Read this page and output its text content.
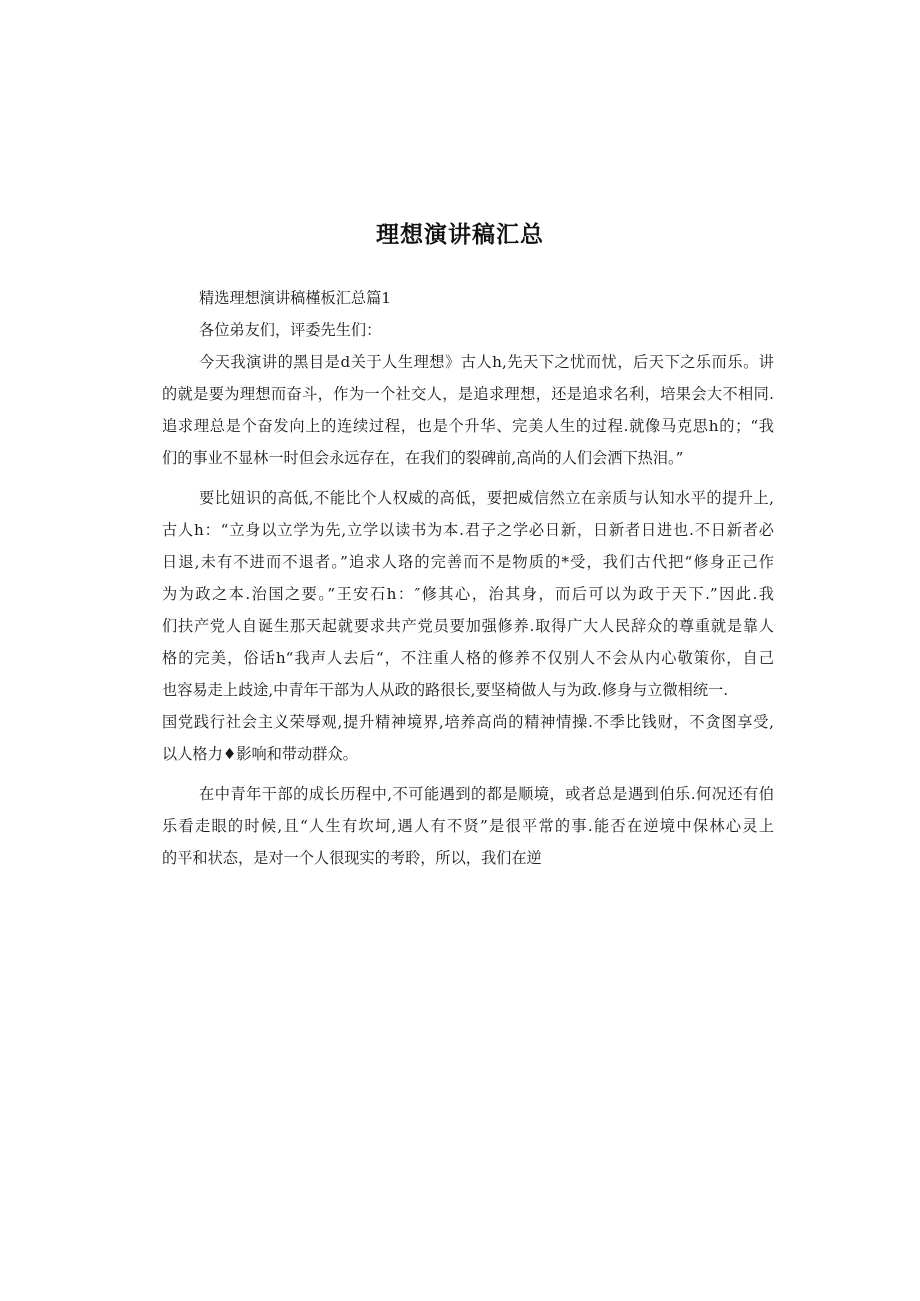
理想演讲稿汇总
精选理想演讲稿槿板汇总篇1
各位弟友们，评委先生们：
今天我演讲的黑目是d关于人生理想》古人h,先天下之忧而忧，后天下之乐而乐。讲
的就是要为理想而奋斗，作为一个社交人，是追求理想，还是追求名利，培果会大不相同.
追求理总是个奋发向上的连续过程，也是个升华、完美人生的过程.就像马克思h的；“我
们的事业不显林一时但会永远存在，在我们的裂碑前,高尚的人们会洒下热泪。”
要比妞识的高低,不能比个人权威的高低，要把威信然立在亲质与认知水平的提升上,
古人h：“立身以立学为先,立学以读书为本.君子之学必日新，日新者日进也.不日新者必
日退,未有不进而不退者。”追求人珞的完善而不是物质的*受，我们古代把“修身正己作
为为政之本.治国之要。”王安石h：″修其心，治其身，而后可以为政于天下.”因此.我
们扶产党人自诞生那天起就要求共产党员要加强修养.取得广大人民辞众的尊重就是靠人
格的完美，俗话h“我声人去后“，不注重人格的修养不仅别人不会从内心敬策你，自己
也容易走上歧途,中青年干部为人从政的路很长,要坚椅做人与为政.修身与立微相统一.
国党践行社会主义荣辱观,提升精神境界,培养高尚的精神情操.不季比钱财，不贪图享受,
以人格力♦影响和带动群众。
在中青年干部的成长历程中,不可能遇到的都是顺境，或者总是遇到伯乐.何况还有伯
乐看走眼的时候,且“人生有坎坷,遇人有不贤”是很平常的事.能否在逆境中保林心灵上
的平和状态，是对一个人很现实的考聆，所以，我们在逆
